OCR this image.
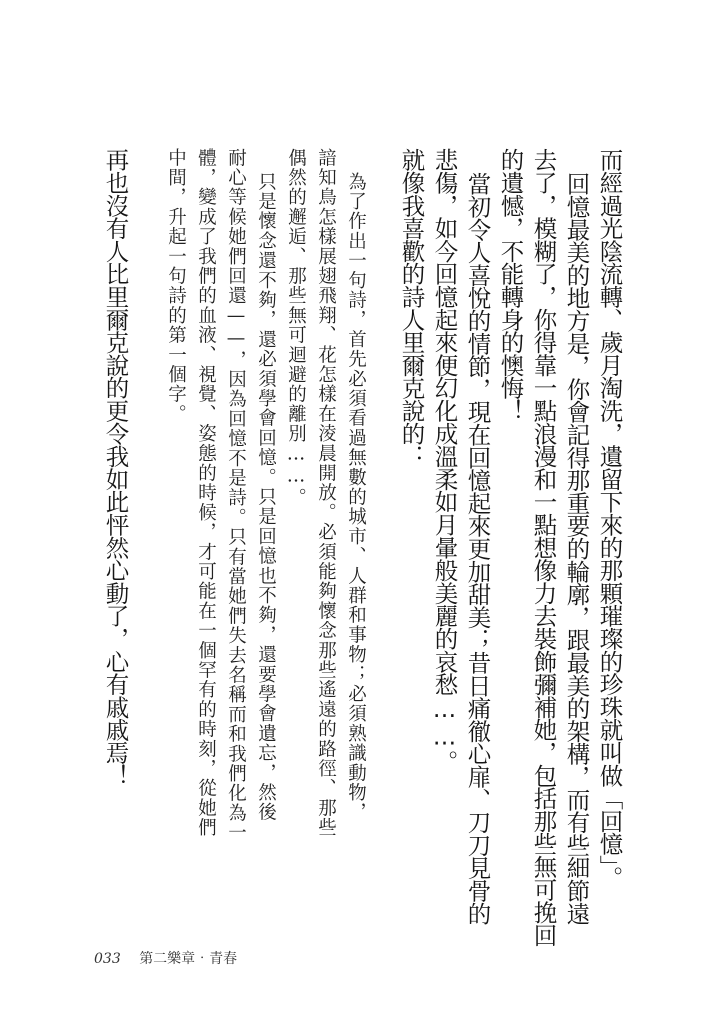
而經過光陰流轉、歲月淘洗，遺留下來的那顆璀璨的珍珠就叫做「回憶」。
回憶最美的地方是，你會記得那重要的輪廓，跟最美的架構，而有些細節遠
去了，模糊了，你得靠一點浪漫和一點想像力去裝飾彌補她，包括那些無可挽回
的遺憾，不能轉身的懊悔！
當初令人喜悅的情節，現在回憶起來更加甜美；昔日痛徹心扉、刀刀見骨的
悲傷，如今回憶起來便幻化成溫柔如月暈般美麗的哀愁……。
就像我喜歡的詩人里爾克說的：
為了作出一句詩，首先必須看過無數的城市、人群和事物；必須熟識動物，
諳知鳥怎樣展翅飛翔、花怎樣在淩晨開放。必須能夠懷念那些遙遠的路徑、那些
偶然的邂逅、那些無可迴避的離別……。
只是懷念還不夠，還必須學會回憶。只是回憶也不夠，還要學會遺忘，然後
耐心等候她們回還——，因為回憶不是詩。只有當她們失去名稱而和我們化為一
體，變成了我們的血液、視覺、姿態的時候，才可能在一個罕有的時刻，從她們
中間，升起一句詩的第一個字。
再也沒有人比里爾克說的更令我如此怦然心動了，心有戚戚焉！
033 第二樂章‧青春
